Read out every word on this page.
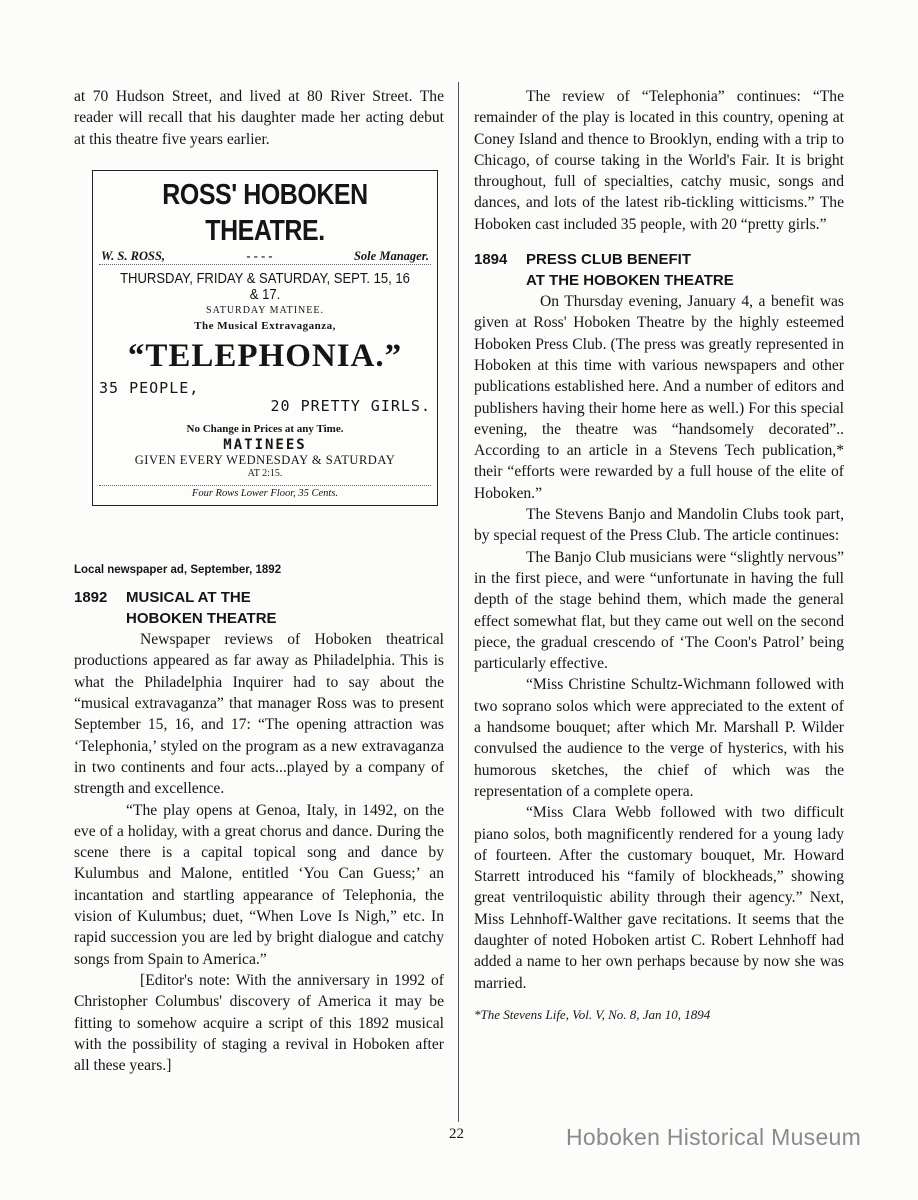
at 70 Hudson Street, and lived at 80 River Street. The reader will recall that his daughter made her acting debut at this theatre five years earlier.

ROSS' HOBOKEN THEATRE.
W. S. ROSS,	- - - -	Sole Manager.
THURSDAY, FRIDAY & SATURDAY, SEPT. 15, 16 & 17.
SATURDAY MATINEE.
The Musical Extravaganza,
“TELEPHONIA.”
35 PEOPLE,
20 PRETTY GIRLS.
No Change in Prices at any Time.
MATINEES
GIVEN EVERY WEDNESDAY & SATURDAY
AT 2:15.
Four Rows Lower Floor, 35 Cents.

Local newspaper ad, September, 1892

1892 MUSICAL AT THE
HOBOKEN THEATRE

Newspaper reviews of Hoboken theatrical productions appeared as far away as Philadelphia. This is what the Philadelphia Inquirer had to say about the “musical extravaganza” that manager Ross was to present September 15, 16, and 17: “The opening attraction was ‘Telephonia,’ styled on the program as a new extravaganza in two continents and four acts...played by a company of strength and excellence.

“The play opens at Genoa, Italy, in 1492, on the eve of a holiday, with a great chorus and dance. During the scene there is a capital topical song and dance by Kulumbus and Malone, entitled ‘You Can Guess;’ an incantation and startling appearance of Telephonia, the vision of Kulumbus; duet, “When Love Is Nigh,” etc. In rapid succession you are led by bright dialogue and catchy songs from Spain to America.”

[Editor's note: With the anniversary in 1992 of Christopher Columbus' discovery of America it may be fitting to somehow acquire a script of this 1892 musical with the possibility of staging a revival in Hoboken after all these years.]

The review of “Telephonia” continues: “The remainder of the play is located in this country, opening at Coney Island and thence to Brooklyn, ending with a trip to Chicago, of course taking in the World's Fair. It is bright throughout, full of specialties, catchy music, songs and dances, and lots of the latest rib-tickling witticisms.” The Hoboken cast included 35 people, with 20 “pretty girls.”

1894 PRESS CLUB BENEFIT
AT THE HOBOKEN THEATRE

On Thursday evening, January 4, a benefit was given at Ross' Hoboken Theatre by the highly esteemed Hoboken Press Club. (The press was greatly represented in Hoboken at this time with various newspapers and other publications established here. And a number of editors and publishers having their home here as well.) For this special evening, the theatre was “handsomely decorated”.. According to an article in a Stevens Tech publication,* their “efforts were rewarded by a full house of the elite of Hoboken.”

The Stevens Banjo and Mandolin Clubs took part, by special request of the Press Club. The article continues:

The Banjo Club musicians were “slightly nervous” in the first piece, and were “unfortunate in having the full depth of the stage behind them, which made the general effect somewhat flat, but they came out well on the second piece, the gradual crescendo of ‘The Coon's Patrol’ being particularly effective.

“Miss Christine Schultz-Wichmann followed with two soprano solos which were appreciated to the extent of a handsome bouquet; after which Mr. Marshall P. Wilder convulsed the audience to the verge of hysterics, with his humorous sketches, the chief of which was the representation of a complete opera.

“Miss Clara Webb followed with two difficult piano solos, both magnificently rendered for a young lady of fourteen. After the customary bouquet, Mr. Howard Starrett introduced his “family of blockheads,” showing great ventriloquistic ability through their agency.” Next, Miss Lehnhoff-Walther gave recitations. It seems that the daughter of noted Hoboken artist C. Robert Lehnhoff had added a name to her own perhaps because by now she was married.

*The Stevens Life, Vol. V, No. 8, Jan 10, 1894

22	Hoboken Historical Museum
